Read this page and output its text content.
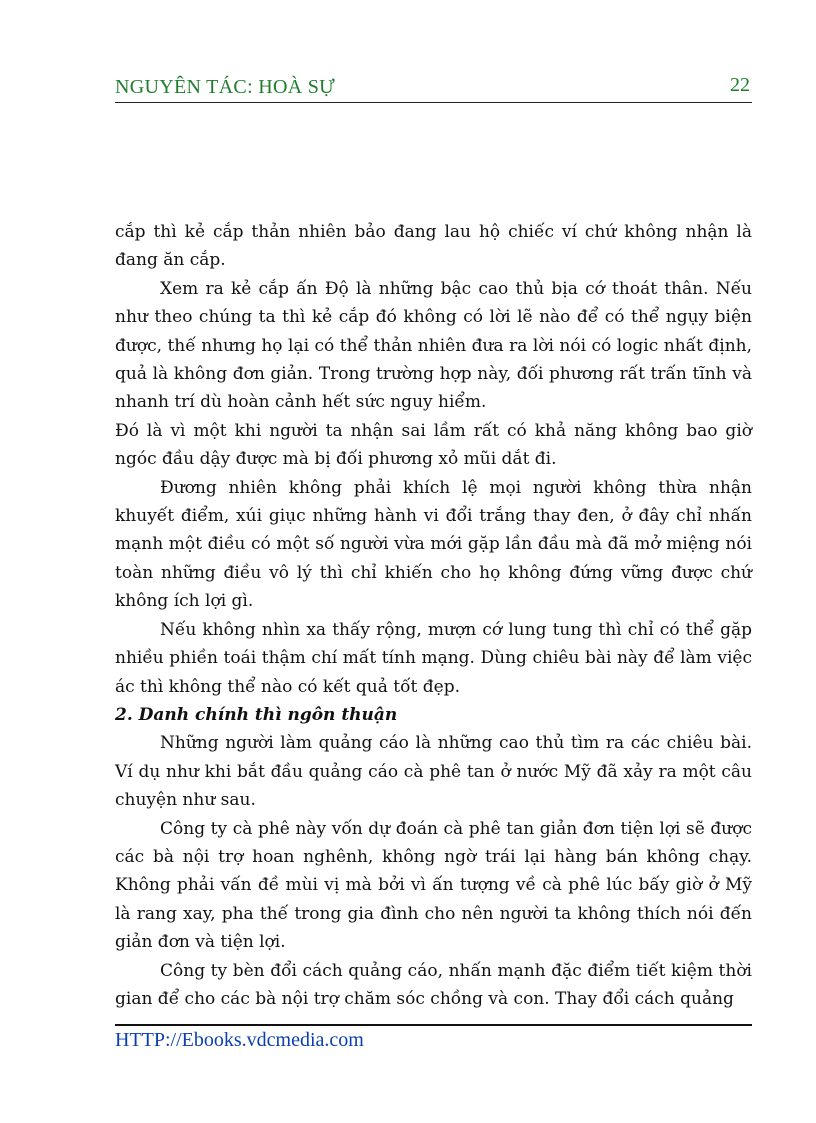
NGUYÊN TÁC: HOÀ SỰ	22

cắp thì kẻ cắp thản nhiên bảo đang lau hộ chiếc ví chứ không nhận là đang ăn cắp.

Xem ra kẻ cắp ấn Độ là những bậc cao thủ bịa cớ thoát thân. Nếu như theo chúng ta thì kẻ cắp đó không có lời lẽ nào để có thể ngụy biện được, thế nhưng họ lại có thể thản nhiên đưa ra lời nói có logic nhất định, quả là không đơn giản. Trong trường hợp này, đối phương rất trấn tĩnh và nhanh trí dù hoàn cảnh hết sức nguy hiểm.

Đó là vì một khi người ta nhận sai lầm rất có khả năng không bao giờ ngóc đầu dậy được mà bị đối phương xỏ mũi dắt đi.

Đương nhiên không phải khích lệ mọi người không thừa nhận khuyết điểm, xúi giục những hành vi đổi trắng thay đen, ở đây chỉ nhấn mạnh một điều có một số người vừa mới gặp lần đầu mà đã mở miệng nói toàn những điều vô lý thì chỉ khiến cho họ không đứng vững được chứ không ích lợi gì.

Nếu không nhìn xa thấy rộng, mượn cớ lung tung thì chỉ có thể gặp nhiều phiền toái thậm chí mất tính mạng. Dùng chiêu bài này để làm việc ác thì không thể nào có kết quả tốt đẹp.

2. Danh chính thì ngôn thuận

Những người làm quảng cáo là những cao thủ tìm ra các chiêu bài. Ví dụ như khi bắt đầu quảng cáo cà phê tan ở nước Mỹ đã xảy ra một câu chuyện như sau.

Công ty cà phê này vốn dự đoán cà phê tan giản đơn tiện lợi sẽ được các bà nội trợ hoan nghênh, không ngờ trái lại hàng bán không chạy. Không phải vấn đề mùi vị mà bởi vì ấn tượng về cà phê lúc bấy giờ ở Mỹ là rang xay, pha thế trong gia đình cho nên người ta không thích nói đến giản đơn và tiện lợi.

Công ty bèn đổi cách quảng cáo, nhấn mạnh đặc điểm tiết kiệm thời gian để cho các bà nội trợ chăm sóc chồng và con. Thay đổi cách quảng

HTTP://Ebooks.vdcmedia.com
